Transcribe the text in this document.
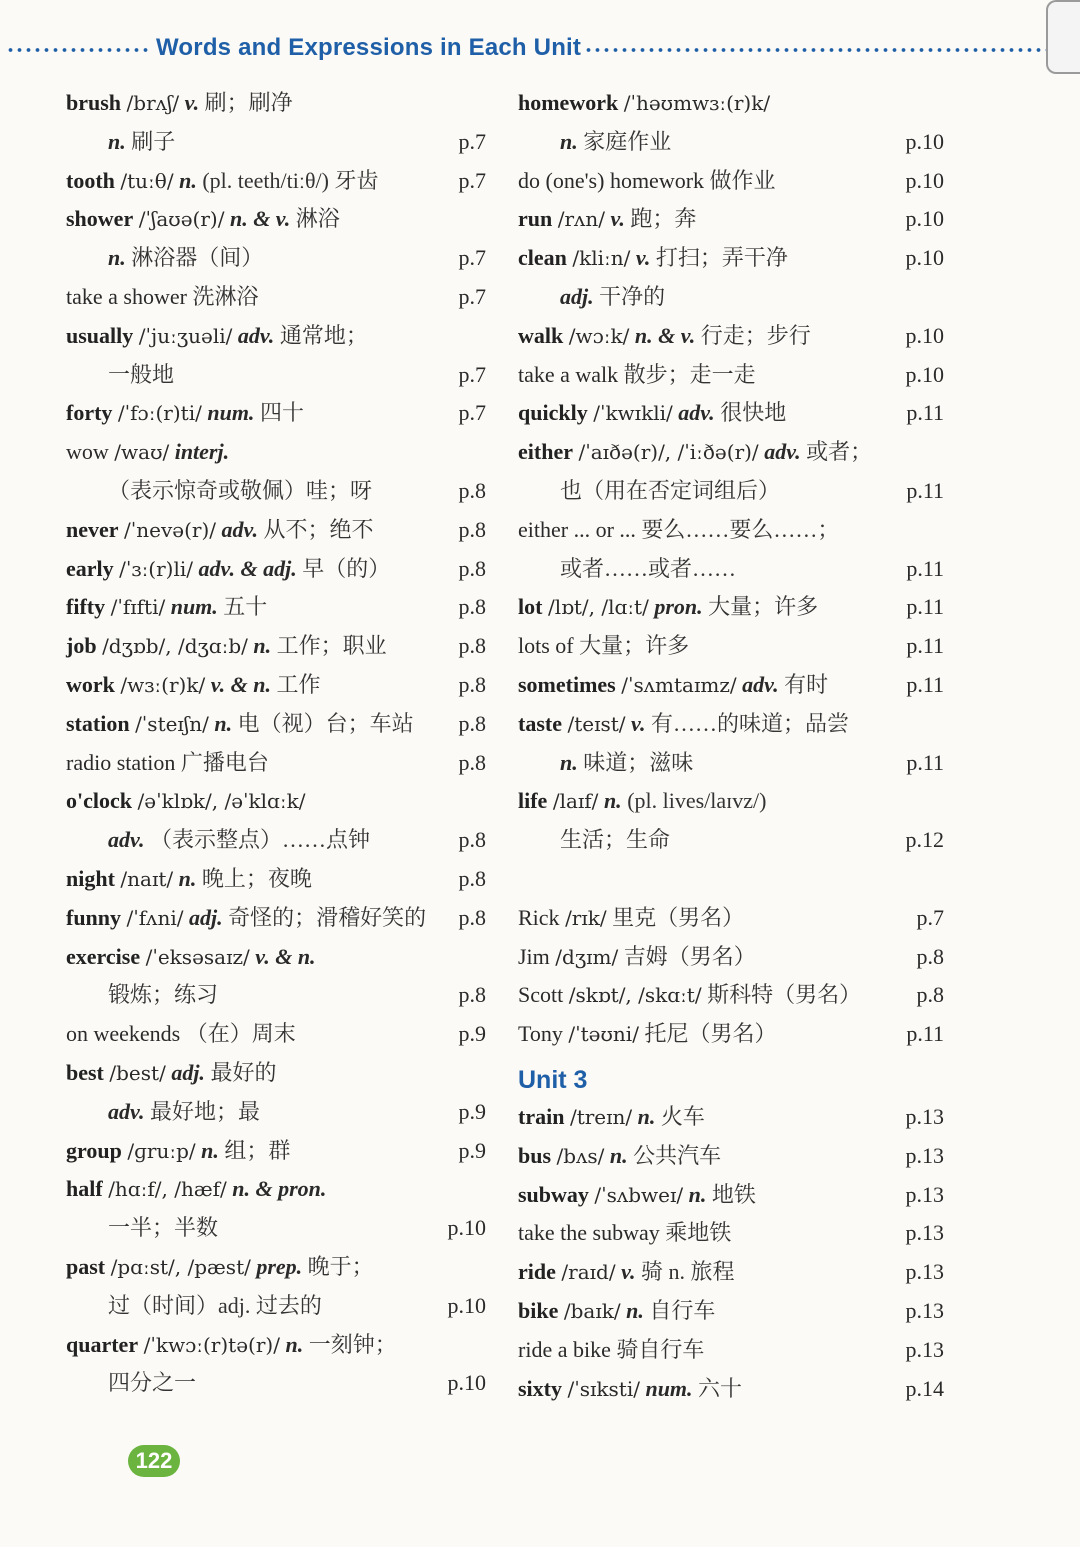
Words and Expressions in Each Unit
brush /brʌʃ/ v. 刷；刷净
n. 刷子	p.7
tooth /tuːθ/ n. (pl. teeth/tiːθ/) 牙齿	p.7
shower /ˈʃaʊə(r)/ n. & v. 淋浴
n. 淋浴器（间）	p.7
take a shower 洗淋浴	p.7
usually /ˈjuːʒuəli/ adv. 通常地；
一般地	p.7
forty /ˈfɔː(r)ti/ num. 四十	p.7
wow /waʊ/ interj.
（表示惊奇或敬佩）哇；呀	p.8
never /ˈnevə(r)/ adv. 从不；绝不	p.8
early /ˈɜː(r)li/ adv. & adj. 早（的）	p.8
fifty /ˈfɪfti/ num. 五十	p.8
job /dʒɒb/, /dʒɑːb/ n. 工作；职业	p.8
work /wɜː(r)k/ v. & n. 工作	p.8
station /ˈsteɪʃn/ n. 电（视）台；车站 p.8
radio station 广播电台	p.8
o'clock /əˈklɒk/, /əˈklɑːk/
adv. （表示整点）……点钟	p.8
night /naɪt/ n. 晚上；夜晚	p.8
funny /ˈfʌni/ adj. 奇怪的；滑稽好笑的 p.8
exercise /ˈeksəsaɪz/ v. & n.
锻炼；练习	p.8
on weekends （在）周末	p.9
best /best/ adj. 最好的
adv. 最好地；最	p.9
group /ɡruːp/ n. 组；群	p.9
half /hɑːf/, /hæf/ n. & pron.
一半；半数	p.10
past /pɑːst/, /pæst/ prep. 晚于；
过（时间）adj. 过去的	p.10
quarter /ˈkwɔː(r)tə(r)/ n. 一刻钟；
四分之一	p.10
homework /ˈhəʊmwɜː(r)k/
n. 家庭作业	p.10
do (one's) homework 做作业	p.10
run /rʌn/ v. 跑；奔	p.10
clean /kliːn/ v. 打扫；弄干净	p.10
adj. 干净的
walk /wɔːk/ n. & v. 行走；步行	p.10
take a walk 散步；走一走	p.10
quickly /ˈkwɪkli/ adv. 很快地	p.11
either /ˈaɪðə(r)/, /ˈiːðə(r)/ adv. 或者；
也（用在否定词组后）	p.11
either ... or ... 要么……要么……；
或者……或者……	p.11
lot /lɒt/, /lɑːt/ pron. 大量；许多	p.11
lots of 大量；许多	p.11
sometimes /ˈsʌmtaɪmz/ adv. 有时	p.11
taste /teɪst/ v. 有……的味道；品尝
n. 味道；滋味	p.11
life /laɪf/ n. (pl. lives/laɪvz/)
生活；生命	p.12
Rick /rɪk/ 里克（男名）	p.7
Jim /dʒɪm/ 吉姆（男名）	p.8
Scott /skɒt/, /skɑːt/ 斯科特（男名）	p.8
Tony /ˈtəʊni/ 托尼（男名）	p.11
Unit 3
train /treɪn/ n. 火车	p.13
bus /bʌs/ n. 公共汽车	p.13
subway /ˈsʌbweɪ/ n. 地铁	p.13
take the subway 乘地铁	p.13
ride /raɪd/ v. 骑 n. 旅程	p.13
bike /baɪk/ n. 自行车	p.13
ride a bike 骑自行车	p.13
sixty /ˈsɪksti/ num. 六十	p.14
122
